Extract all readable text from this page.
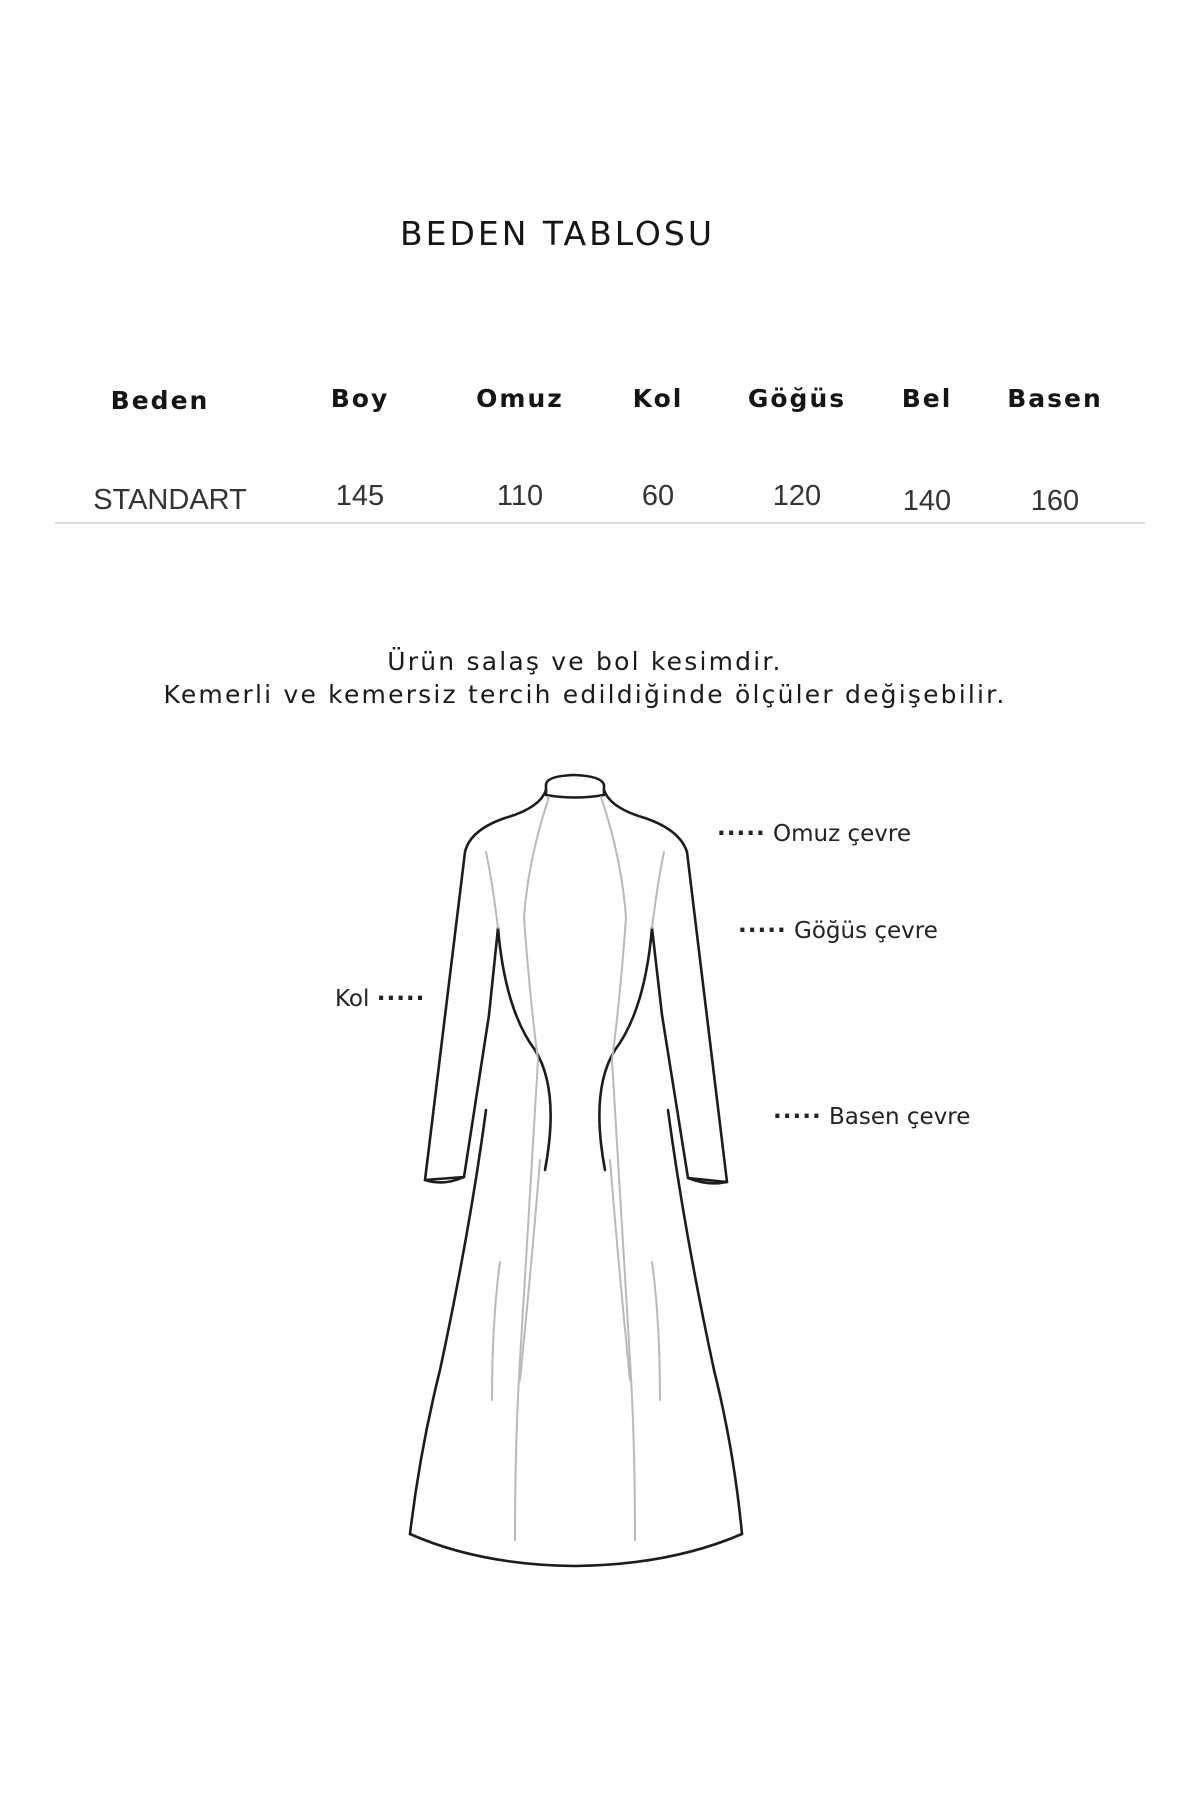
BEDEN TABLOSU
Beden	Boy	Omuz	Kol	Göğüs	Bel	Basen
STANDART	145	110	60	120	140	160
Ürün salaş ve bol kesimdir.
Kemerli ve kemersiz tercih edildiğinde ölçüler değişebilir.
····· Omuz çevre
····· Göğüs çevre
Kol ·····
····· Basen çevre
